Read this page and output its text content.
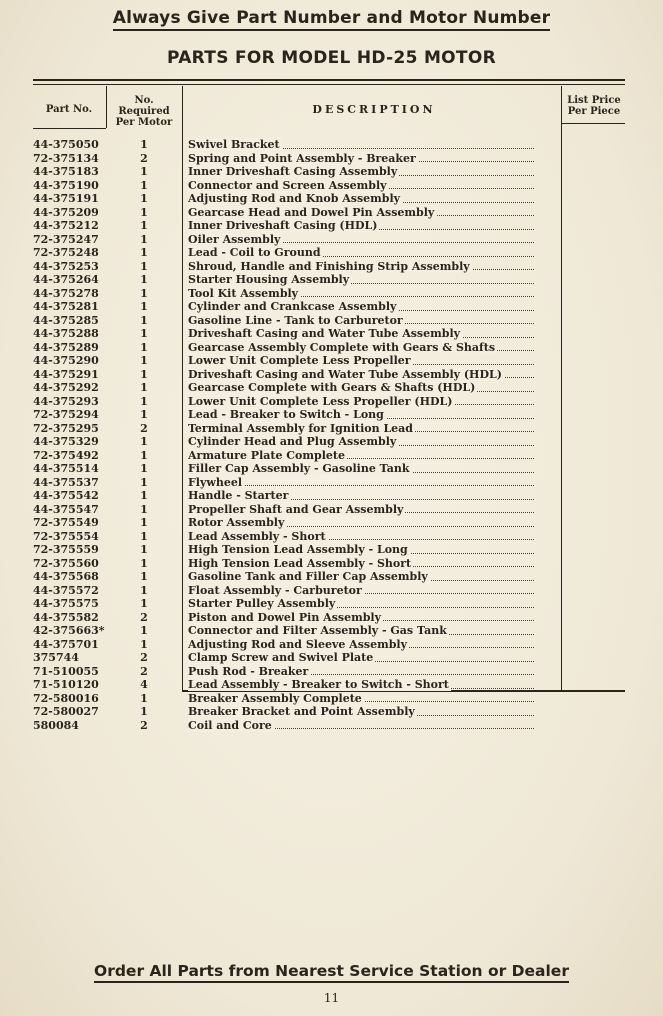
Always Give Part Number and Motor Number
PARTS FOR MODEL HD-25 MOTOR
Part No.
No. Required Per Motor
DESCRIPTION
List Price Per Piece
44-375050	1	Swivel Bracket
72-375134	2	Spring and Point Assembly - Breaker
44-375183	1	Inner Driveshaft Casing Assembly
44-375190	1	Connector and Screen Assembly
44-375191	1	Adjusting Rod and Knob Assembly
44-375209	1	Gearcase Head and Dowel Pin Assembly
44-375212	1	Inner Driveshaft Casing (HDL)
72-375247	1	Oiler Assembly
72-375248	1	Lead - Coil to Ground
44-375253	1	Shroud, Handle and Finishing Strip Assembly
44-375264	1	Starter Housing Assembly
44-375278	1	Tool Kit Assembly
44-375281	1	Cylinder and Crankcase Assembly
44-375285	1	Gasoline Line - Tank to Carburetor
44-375288	1	Driveshaft Casing and Water Tube Assembly
44-375289	1	Gearcase Assembly Complete with Gears & Shafts
44-375290	1	Lower Unit Complete Less Propeller
44-375291	1	Driveshaft Casing and Water Tube Assembly (HDL)
44-375292	1	Gearcase Complete with Gears & Shafts (HDL)
44-375293	1	Lower Unit Complete Less Propeller (HDL)
72-375294	1	Lead - Breaker to Switch - Long
72-375295	2	Terminal Assembly for Ignition Lead
44-375329	1	Cylinder Head and Plug Assembly
72-375492	1	Armature Plate Complete
44-375514	1	Filler Cap Assembly - Gasoline Tank
44-375537	1	Flywheel
44-375542	1	Handle - Starter
44-375547	1	Propeller Shaft and Gear Assembly
72-375549	1	Rotor Assembly
72-375554	1	Lead Assembly - Short
72-375559	1	High Tension Lead Assembly - Long
72-375560	1	High Tension Lead Assembly - Short
44-375568	1	Gasoline Tank and Filler Cap Assembly
44-375572	1	Float Assembly - Carburetor
44-375575	1	Starter Pulley Assembly
44-375582	2	Piston and Dowel Pin Assembly
42-375663*	1	Connector and Filter Assembly - Gas Tank
44-375701	1	Adjusting Rod and Sleeve Assembly
375744	2	Clamp Screw and Swivel Plate
71-510055	2	Push Rod - Breaker
71-510120	4	Lead Assembly - Breaker to Switch - Short
72-580016	1	Breaker Assembly Complete
72-580027	1	Breaker Bracket and Point Assembly
580084	2	Coil and Core
Order All Parts from Nearest Service Station or Dealer
11
